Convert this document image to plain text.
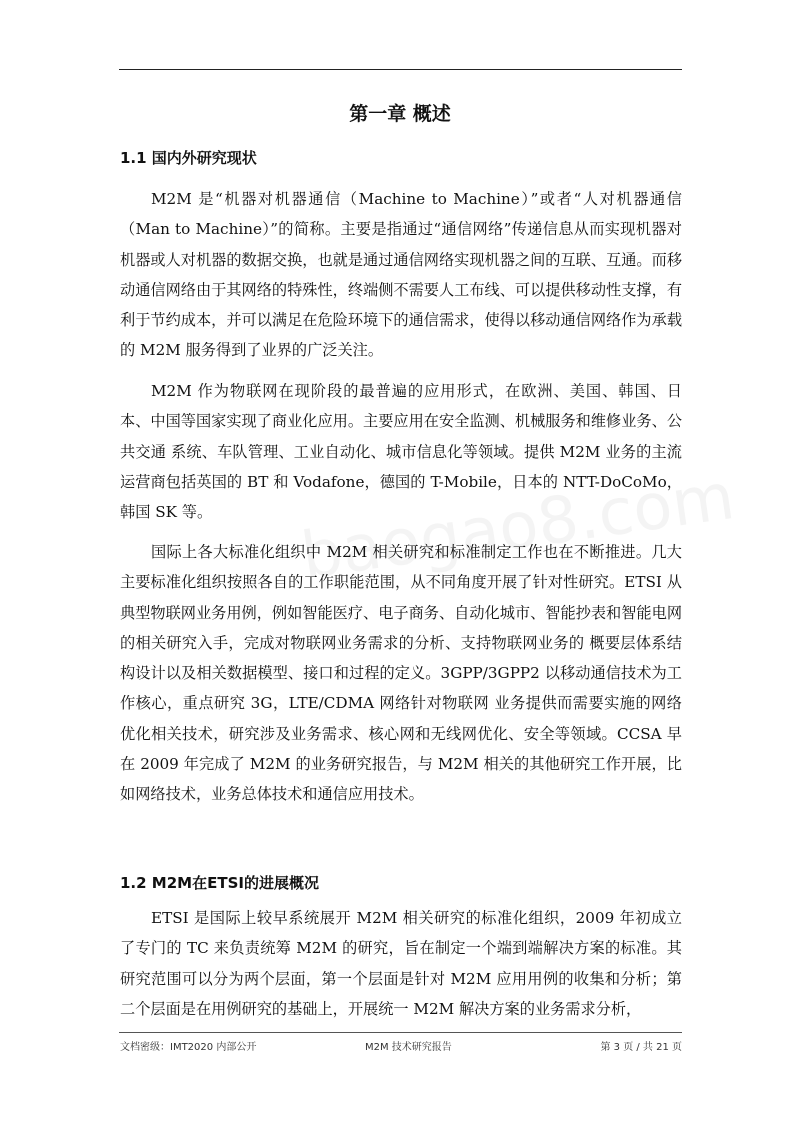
第一章 概述
1.1 国内外研究现状

M2M 是“机器对机器通信（Machine to Machine）”或者“人对机器通信（Man to Machine）”的简称。主要是指通过“通信网络”传递信息从而实现机器对机器或人对机器的数据交换，也就是通过通信网络实现机器之间的互联、互通。而移动通信网络由于其网络的特殊性，终端侧不需要人工布线、可以提供移动性支撑，有利于节约成本，并可以满足在危险环境下的通信需求，使得以移动通信网络作为承载的 M2M 服务得到了业界的广泛关注。

M2M 作为物联网在现阶段的最普遍的应用形式，在欧洲、美国、韩国、日本、中国等国家实现了商业化应用。主要应用在安全监测、机械服务和维修业务、公共交通 系统、车队管理、工业自动化、城市信息化等领域。提供 M2M 业务的主流运营商包括英国的 BT 和 Vodafone，德国的 T-Mobile，日本的 NTT-DoCoMo，韩国 SK 等。

国际上各大标准化组织中 M2M 相关研究和标准制定工作也在不断推进。几大主要标准化组织按照各自的工作职能范围，从不同角度开展了针对性研究。ETSI 从典型物联网业务用例，例如智能医疗、电子商务、自动化城市、智能抄表和智能电网的相关研究入手，完成对物联网业务需求的分析、支持物联网业务的 概要层体系结构设计以及相关数据模型、接口和过程的定义。3GPP/3GPP2 以移动通信技术为工作核心，重点研究 3G，LTE/CDMA 网络针对物联网 业务提供而需要实施的网络优化相关技术，研究涉及业务需求、核心网和无线网优化、安全等领域。CCSA 早在 2009 年完成了 M2M 的业务研究报告，与 M2M 相关的其他研究工作开展，比如网络技术，业务总体技术和通信应用技术。

1.2 M2M在ETSI的进展概况

ETSI 是国际上较早系统展开 M2M 相关研究的标准化组织，2009 年初成立了专门的 TC 来负责统筹 M2M 的研究，旨在制定一个端到端解决方案的标准。其研究范围可以分为两个层面，第一个层面是针对 M2M 应用用例的收集和分析；第二个层面是在用例研究的基础上，开展统一 M2M 解决方案的业务需求分析，

文档密级：IMT2020 内部公开	M2M 技术研究报告	第 3 页 / 共 21 页
